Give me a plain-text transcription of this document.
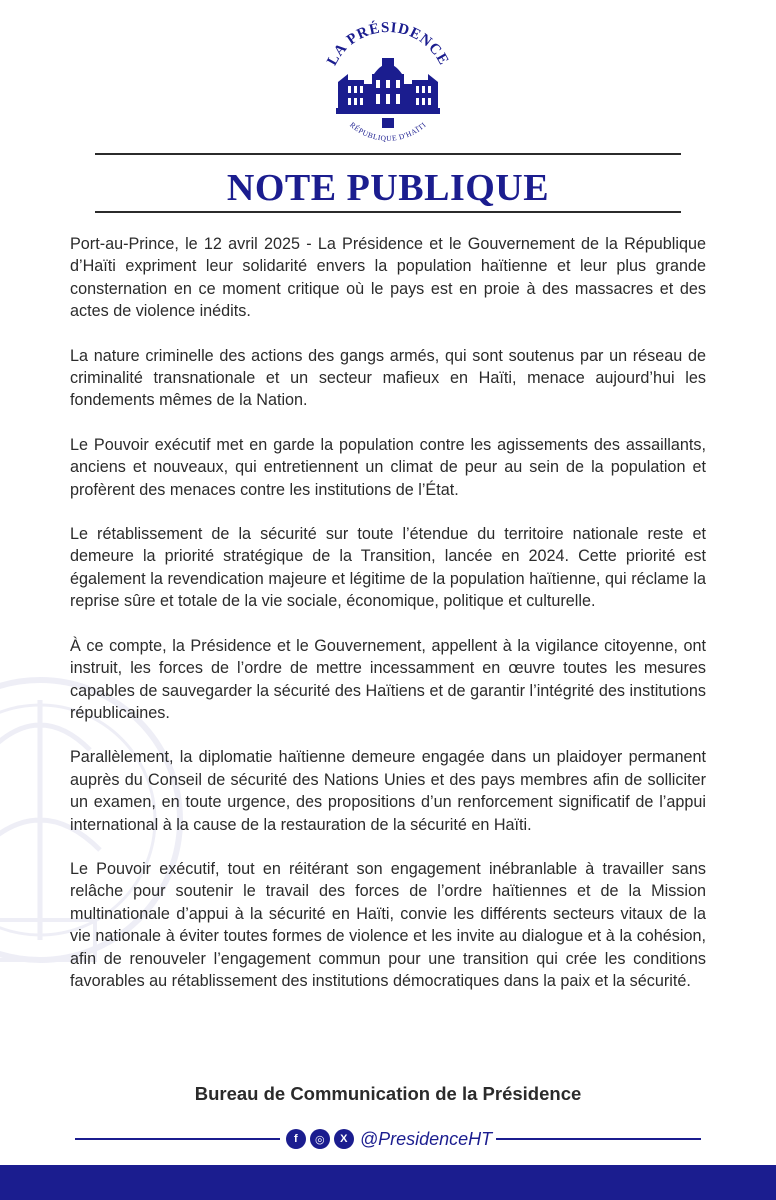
LA PRÉSIDENCE
RÉPUBLIQUE D'HAÏTI
NOTE PUBLIQUE

Port-au-Prince, le 12 avril 2025 - La Présidence et le Gouvernement de la République d’Haïti expriment leur solidarité envers la population haïtienne et leur plus grande consternation en ce moment critique où le pays est en proie à des massacres et des actes de violence inédits.

La nature criminelle des actions des gangs armés, qui sont soutenus par un réseau de criminalité transnationale et un secteur mafieux en Haïti, menace aujourd’hui les fondements mêmes de la Nation.

Le Pouvoir exécutif met en garde la population contre les agissements des assaillants, anciens et nouveaux, qui entretiennent un climat de peur au sein de la population et profèrent des menaces contre les institutions de l’État.

Le rétablissement de la sécurité sur toute l’étendue du territoire nationale reste et demeure la priorité stratégique de la Transition, lancée en 2024. Cette priorité est également la revendication majeure et légitime de la population haïtienne, qui réclame la reprise sûre et totale de la vie sociale, économique, politique et culturelle.

À ce compte, la Présidence et le Gouvernement, appellent à la vigilance citoyenne, ont instruit, les forces de l’ordre de mettre incessamment en œuvre toutes les mesures capables de sauvegarder la sécurité des Haïtiens et de garantir l’intégrité des institutions républicaines.

Parallèlement, la diplomatie haïtienne demeure engagée dans un plaidoyer permanent auprès du Conseil de sécurité des Nations Unies et des pays membres afin de solliciter un examen, en toute urgence, des propositions d’un renforcement significatif de l’appui international à la cause de la restauration de la sécurité en Haïti.

Le Pouvoir exécutif, tout en réitérant son engagement inébranlable à travailler sans relâche pour soutenir le travail des forces de l’ordre haïtiennes et de la Mission multinationale d’appui à la sécurité en Haïti, convie les différents secteurs vitaux de la vie nationale à éviter toutes formes de violence et les invite au dialogue et à la cohésion, afin de renouveler l’engagement commun pour une transition qui crée les conditions favorables au rétablissement des institutions démocratiques dans la paix et la sécurité.

Bureau de Communication de la Présidence
f	◎	X @PresidenceHT
